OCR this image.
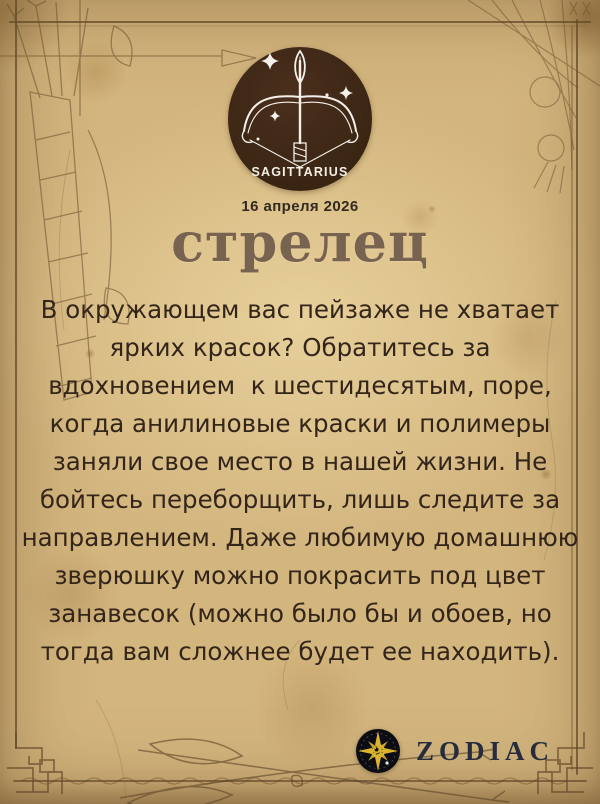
SAGITTARIUS
16 апреля 2026
стрелец
В окружающем вас пейзаже не хватает
ярких красок? Обратитесь за
вдохновением  к шестидесятым, поре,
когда анилиновые краски и полимеры
заняли свое место в нашей жизни. Не
бойтесь переборщить, лишь следите за
направлением. Даже любимую домашнюю
зверюшку можно покрасить под цвет
занавесок (можно было бы и обоев, но
тогда вам сложнее будет ее находить).
ZODIAC
